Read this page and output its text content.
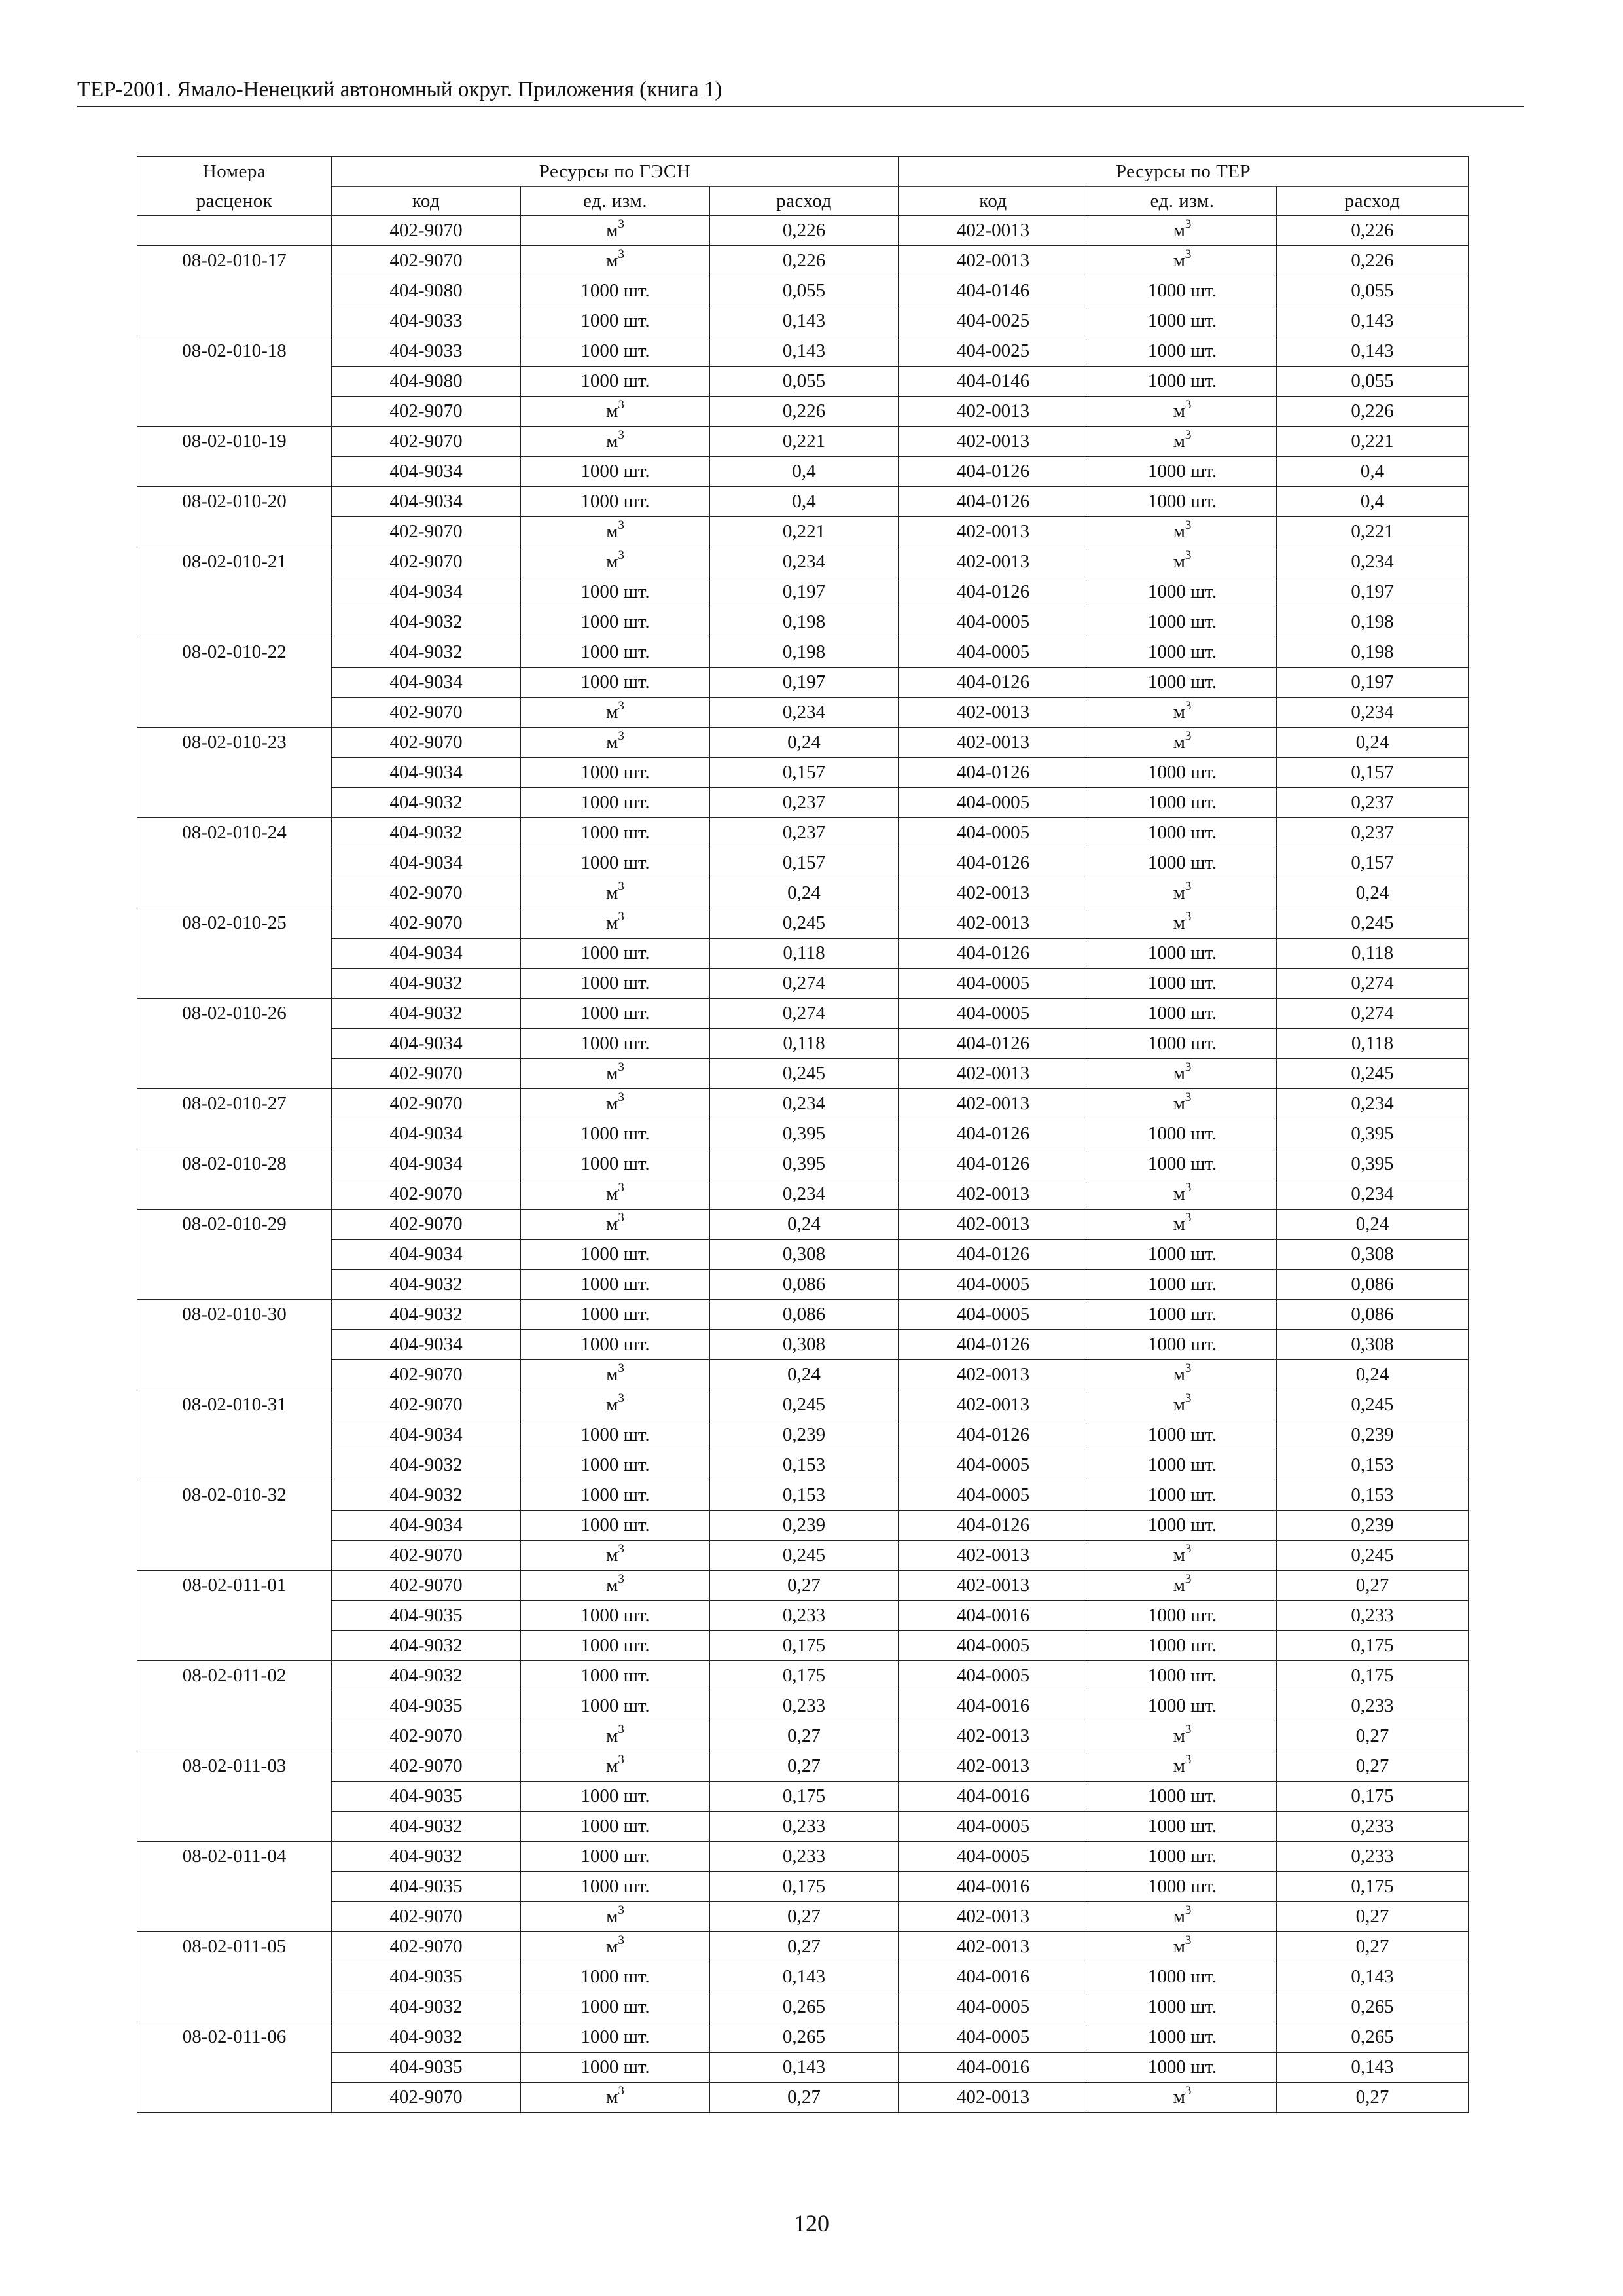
ТЕР-2001. Ямало-Ненецкий автономный округ. Приложения (книга 1)
Номера	Ресурсы по ГЭСН			Ресурсы по ТЕР		
расценок	код	ед. изм.	расход	код	ед. изм.	расход

	402-9070	$м^3$	0,226	402-0013	$м^3$	0,226

08-02-010-17	402-9070	$м^3$	0,226	402-0013	$м^3$	0,226
	404-9080	1000 шт.	0,055	404-0146	1000 шт.	0,055
	404-9033	1000 шт.	0,143	404-0025	1000 шт.	0,143

08-02-010-18	404-9033	1000 шт.	0,143	404-0025	1000 шт.	0,143
	404-9080	1000 шт.	0,055	404-0146	1000 шт.	0,055
	402-9070	$м^3$	0,226	402-0013	$м^3$	0,226

08-02-010-19	402-9070	$м^3$	0,221	402-0013	$м^3$	0,221
	404-9034	1000 шт.	0,4	404-0126	1000 шт.	0,4

08-02-010-20	404-9034	1000 шт.	0,4	404-0126	1000 шт.	0,4
	402-9070	$м^3$	0,221	402-0013	$м^3$	0,221

08-02-010-21	402-9070	$м^3$	0,234	402-0013	$м^3$	0,234
	404-9034	1000 шт.	0,197	404-0126	1000 шт.	0,197
	404-9032	1000 шт.	0,198	404-0005	1000 шт.	0,198

08-02-010-22	404-9032	1000 шт.	0,198	404-0005	1000 шт.	0,198
	404-9034	1000 шт.	0,197	404-0126	1000 шт.	0,197
	402-9070	$м^3$	0,234	402-0013	$м^3$	0,234

08-02-010-23	402-9070	$м^3$	0,24	402-0013	$м^3$	0,24
	404-9034	1000 шт.	0,157	404-0126	1000 шт.	0,157
	404-9032	1000 шт.	0,237	404-0005	1000 шт.	0,237

08-02-010-24	404-9032	1000 шт.	0,237	404-0005	1000 шт.	0,237
	404-9034	1000 шт.	0,157	404-0126	1000 шт.	0,157
	402-9070	$м^3$	0,24	402-0013	$м^3$	0,24

08-02-010-25	402-9070	$м^3$	0,245	402-0013	$м^3$	0,245
	404-9034	1000 шт.	0,118	404-0126	1000 шт.	0,118
	404-9032	1000 шт.	0,274	404-0005	1000 шт.	0,274

08-02-010-26	404-9032	1000 шт.	0,274	404-0005	1000 шт.	0,274
	404-9034	1000 шт.	0,118	404-0126	1000 шт.	0,118
	402-9070	$м^3$	0,245	402-0013	$м^3$	0,245

08-02-010-27	402-9070	$м^3$	0,234	402-0013	$м^3$	0,234
	404-9034	1000 шт.	0,395	404-0126	1000 шт.	0,395

08-02-010-28	404-9034	1000 шт.	0,395	404-0126	1000 шт.	0,395
	402-9070	$м^3$	0,234	402-0013	$м^3$	0,234

08-02-010-29	402-9070	$м^3$	0,24	402-0013	$м^3$	0,24
	404-9034	1000 шт.	0,308	404-0126	1000 шт.	0,308
	404-9032	1000 шт.	0,086	404-0005	1000 шт.	0,086

08-02-010-30	404-9032	1000 шт.	0,086	404-0005	1000 шт.	0,086
	404-9034	1000 шт.	0,308	404-0126	1000 шт.	0,308
	402-9070	$м^3$	0,24	402-0013	$м^3$	0,24

08-02-010-31	402-9070	$м^3$	0,245	402-0013	$м^3$	0,245
	404-9034	1000 шт.	0,239	404-0126	1000 шт.	0,239
	404-9032	1000 шт.	0,153	404-0005	1000 шт.	0,153

08-02-010-32	404-9032	1000 шт.	0,153	404-0005	1000 шт.	0,153
	404-9034	1000 шт.	0,239	404-0126	1000 шт.	0,239
	402-9070	$м^3$	0,245	402-0013	$м^3$	0,245

08-02-011-01	402-9070	$м^3$	0,27	402-0013	$м^3$	0,27
	404-9035	1000 шт.	0,233	404-0016	1000 шт.	0,233
	404-9032	1000 шт.	0,175	404-0005	1000 шт.	0,175

08-02-011-02	404-9032	1000 шт.	0,175	404-0005	1000 шт.	0,175
	404-9035	1000 шт.	0,233	404-0016	1000 шт.	0,233
	402-9070	$м^3$	0,27	402-0013	$м^3$	0,27

08-02-011-03	402-9070	$м^3$	0,27	402-0013	$м^3$	0,27
	404-9035	1000 шт.	0,175	404-0016	1000 шт.	0,175
	404-9032	1000 шт.	0,233	404-0005	1000 шт.	0,233

08-02-011-04	404-9032	1000 шт.	0,233	404-0005	1000 шт.	0,233
	404-9035	1000 шт.	0,175	404-0016	1000 шт.	0,175
	402-9070	$м^3$	0,27	402-0013	$м^3$	0,27

08-02-011-05	402-9070	$м^3$	0,27	402-0013	$м^3$	0,27
	404-9035	1000 шт.	0,143	404-0016	1000 шт.	0,143
	404-9032	1000 шт.	0,265	404-0005	1000 шт.	0,265

08-02-011-06	404-9032	1000 шт.	0,265	404-0005	1000 шт.	0,265
	404-9035	1000 шт.	0,143	404-0016	1000 шт.	0,143
	402-9070	$м^3$	0,27	402-0013	$м^3$	0,27
120
